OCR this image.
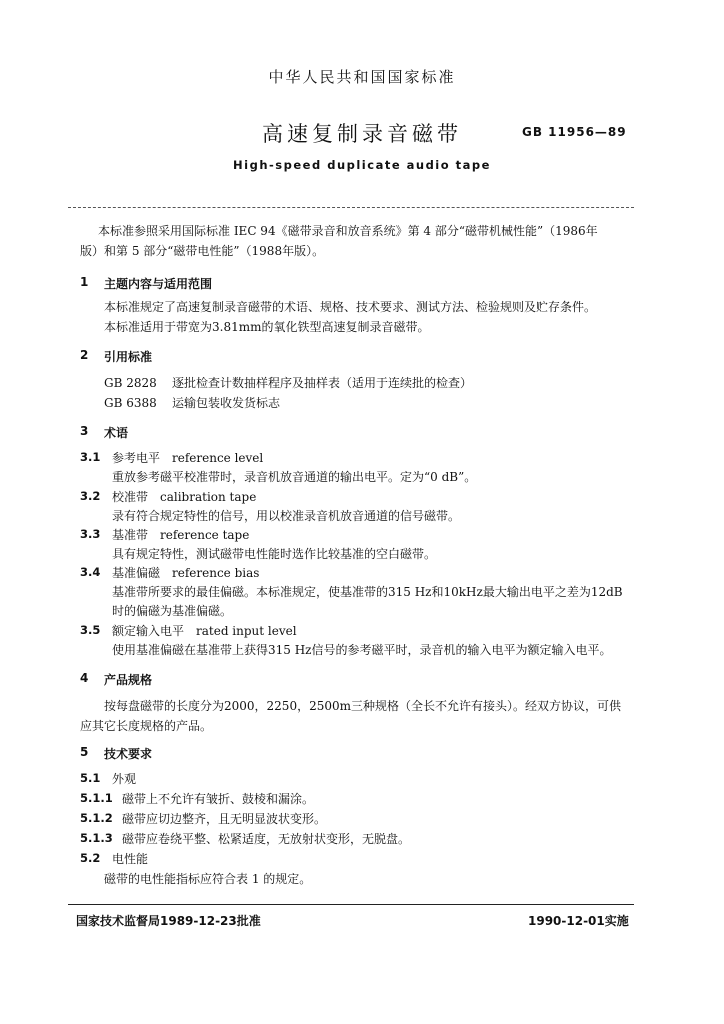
中华人民共和国国家标准
高速复制录音磁带	GB 11956—89
High-speed duplicate audio tape
本标准参照采用国际标准 IEC 94《磁带录音和放音系统》第 4 部分“磁带机械性能”（1986年
版）和第 5 部分“磁带电性能”（1988年版）。
1 主题内容与适用范围
本标准规定了高速复制录音磁带的术语、规格、技术要求、测试方法、检验规则及贮存条件。
本标准适用于带宽为3.81mm的氧化铁型高速复制录音磁带。
2 引用标准
GB 2828 逐批检查计数抽样程序及抽样表（适用于连续批的检查）
GB 6388 运输包装收发货标志
3 术语
3.1 参考电平　reference level
重放参考磁平校准带时，录音机放音通道的输出电平。定为“0 dB”。
3.2 校准带　calibration tape
录有符合规定特性的信号，用以校准录音机放音通道的信号磁带。
3.3 基准带　reference tape
具有规定特性，测试磁带电性能时选作比较基准的空白磁带。
3.4 基准偏磁　reference bias
基准带所要求的最佳偏磁。本标准规定，使基准带的315 Hz和10kHz最大输出电平之差为12dB
时的偏磁为基准偏磁。
3.5 额定输入电平　rated input level
使用基准偏磁在基准带上获得315 Hz信号的参考磁平时，录音机的输入电平为额定输入电平。
4 产品规格
按每盘磁带的长度分为2000，2250，2500m三种规格（全长不允许有接头）。经双方协议，可供
应其它长度规格的产品。
5 技术要求
5.1 外观
5.1.1 磁带上不允许有皱折、鼓棱和漏涂。
5.1.2 磁带应切边整齐，且无明显波状变形。
5.1.3 磁带应卷绕平整、松紧适度，无放射状变形，无脱盘。
5.2 电性能
磁带的电性能指标应符合表 1 的规定。
国家技术监督局1989-12-23批准	1990-12-01实施
